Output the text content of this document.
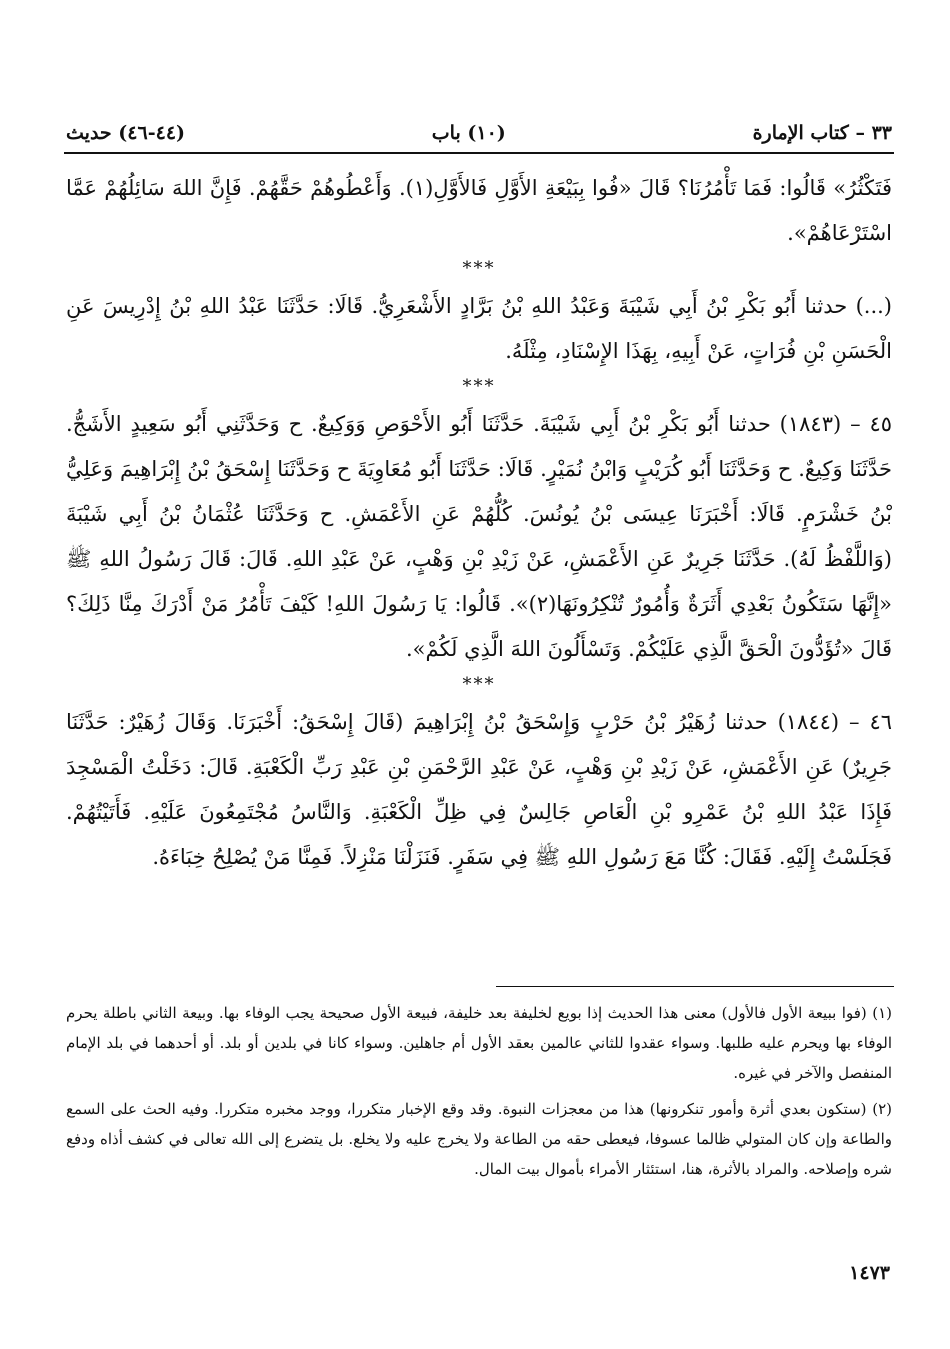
٣٣ – كتاب الإمارة
(١٠) باب
(٤٤-٤٦) حديث

فَتَكْثُرُ» قَالُوا: فَمَا تَأْمُرُنَا؟ قَالَ «فُوا بِبَيْعَةِ الأَوَّلِ فَالأَوَّلِ(١). وَأَعْطُوهُمْ حَقَّهُمْ. فَإِنَّ اللهَ سَائِلُهُمْ عَمَّا اسْتَرْعَاهُمْ».

***

(...) حدثنا أَبُو بَكْرِ بْنُ أَبِي شَيْبَةَ وَعَبْدُ اللهِ بْنُ بَرَّادٍ الأَشْعَرِيُّ. قَالَا: حَدَّثَنَا عَبْدُ اللهِ بْنُ إِدْرِيسَ عَنِ الْحَسَنِ بْنِ فُرَاتٍ، عَنْ أَبِيهِ، بِهَذَا الإِسْنَادِ، مِثْلَهُ.

***

٤٥ – (١٨٤٣) حدثنا أَبُو بَكْرِ بْنُ أَبِي شَيْبَةَ. حَدَّثَنَا أَبُو الأَحْوَصِ وَوَكِيعٌ. ح وَحَدَّثَنِي أَبُو سَعِيدٍ الأَشَجُّ. حَدَّثَنَا وَكِيعٌ. ح وَحَدَّثَنَا أَبُو كُرَيْبٍ وَابْنُ نُمَيْرٍ. قَالَا: حَدَّثَنَا أَبُو مُعَاوِيَةَ ح وَحَدَّثَنَا إِسْحَقُ بْنُ إِبْرَاهِيمَ وَعَلِيُّ بْنُ خَشْرَمٍ. قَالَا: أَخْبَرَنَا عِيسَى بْنُ يُونُسَ. كُلُّهُمْ عَنِ الأَعْمَشِ. ح وَحَدَّثَنَا عُثْمَانُ بْنُ أَبِي شَيْبَةَ (وَاللَّفْظُ لَهُ). حَدَّثَنَا جَرِيرٌ عَنِ الأَعْمَشِ، عَنْ زَيْدِ بْنِ وَهْبٍ، عَنْ عَبْدِ اللهِ. قَالَ: قَالَ رَسُولُ اللهِ ﷺ «إِنَّهَا سَتَكُونُ بَعْدِي أَثَرَةٌ وَأُمُورٌ تُنْكِرُونَهَا(٢)». قَالُوا: يَا رَسُولَ اللهِ! كَيْفَ تَأْمُرُ مَنْ أَدْرَكَ مِنَّا ذَلِكَ؟ قَالَ «تُؤَدُّونَ الْحَقَّ الَّذِي عَلَيْكُمْ. وَتَسْأَلُونَ اللهَ الَّذِي لَكُمْ».

***

٤٦ – (١٨٤٤) حدثنا زُهَيْرُ بْنُ حَرْبٍ وَإِسْحَقُ بْنُ إِبْرَاهِيمَ (قَالَ إِسْحَقُ: أَخْبَرَنَا. وَقَالَ زُهَيْرٌ: حَدَّثَنَا جَرِيرٌ) عَنِ الأَعْمَشِ، عَنْ زَيْدِ بْنِ وَهْبٍ، عَنْ عَبْدِ الرَّحْمَنِ بْنِ عَبْدِ رَبِّ الْكَعْبَةِ. قَالَ: دَخَلْتُ الْمَسْجِدَ فَإِذَا عَبْدُ اللهِ بْنُ عَمْرِو بْنِ الْعَاصِ جَالِسٌ فِي ظِلِّ الْكَعْبَةِ. وَالنَّاسُ مُجْتَمِعُونَ عَلَيْهِ. فَأَتَيْتُهُمْ. فَجَلَسْتُ إِلَيْهِ. فَقَالَ: كُنَّا مَعَ رَسُولِ اللهِ ﷺ فِي سَفَرٍ. فَنَزَلْنَا مَنْزِلاً. فَمِنَّا مَنْ يُصْلِحُ خِبَاءَهُ.

(١) (فوا ببيعة الأول فالأول) معنى هذا الحديث إذا بويع لخليفة بعد خليفة، فبيعة الأول صحيحة يجب الوفاء بها. وبيعة الثاني باطلة يحرم الوفاء بها ويحرم عليه طلبها. وسواء عقدوا للثاني عالمين بعقد الأول أم جاهلين. وسواء كانا في بلدين أو بلد. أو أحدهما في بلد الإمام المنفصل والآخر في غيره.

(٢) (ستكون بعدي أثرة وأمور تنكرونها) هذا من معجزات النبوة. وقد وقع الإخبار متكررا، ووجد مخبره متكررا. وفيه الحث على السمع والطاعة وإن كان المتولي ظالما عسوفا، فيعطى حقه من الطاعة ولا يخرج عليه ولا يخلع. بل يتضرع إلى الله تعالى في كشف أذاه ودفع شره وإصلاحه. والمراد بالأثرة، هنا، استئثار الأمراء بأموال بيت المال.

١٤٧٣
